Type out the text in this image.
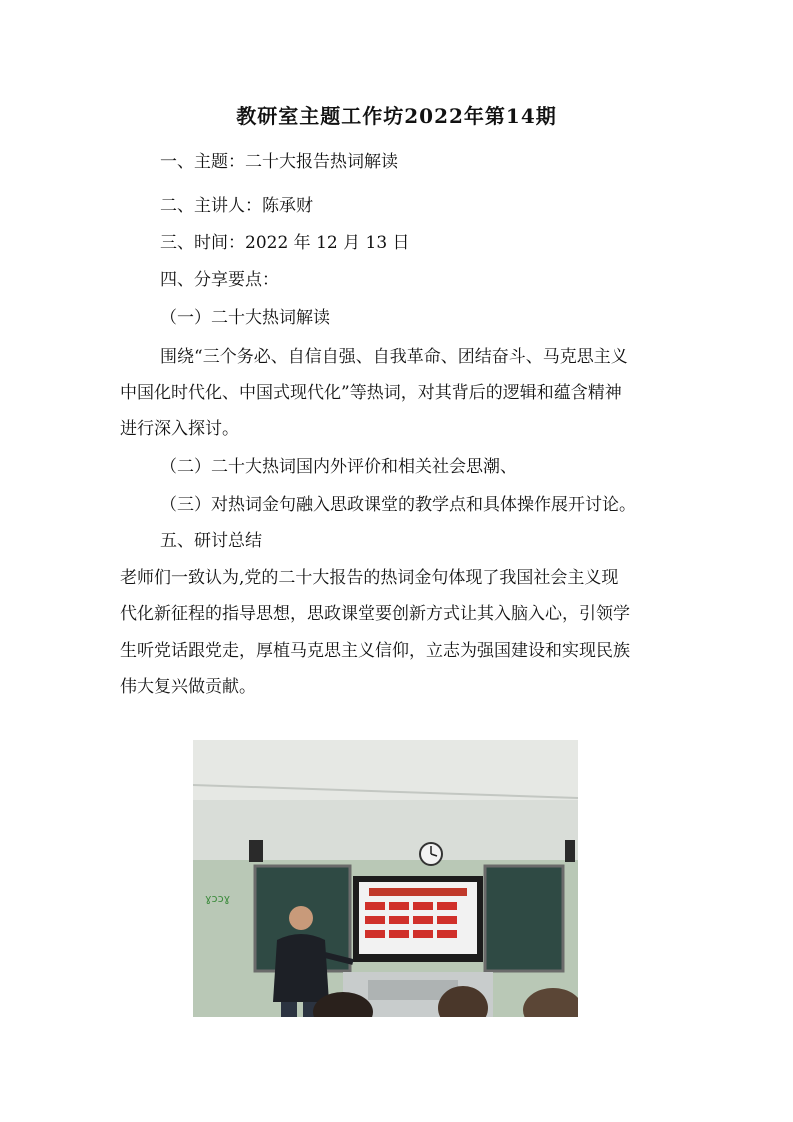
教研室主题工作坊2022年第14期
一、主题：二十大报告热词解读
二、主讲人：陈承财
三、时间：2022 年 12 月 13 日
四、分享要点：
（一）二十大热词解读
围绕“三个务必、自信自强、自我革命、团结奋斗、马克思主义
中国化时代化、中国式现代化”等热词，对其背后的逻辑和蕴含精神
进行深入探讨。
（二）二十大热词国内外评价和相关社会思潮、
（三）对热词金句融入思政课堂的教学点和具体操作展开讨论。
五、研讨总结
老师们一致认为,党的二十大报告的热词金句体现了我国社会主义现
代化新征程的指导思想，思政课堂要创新方式让其入脑入心，引领学
生听党话跟党走，厚植马克思主义信仰，立志为强国建设和实现民族
伟大复兴做贡献。
ɣɔɔɣ
